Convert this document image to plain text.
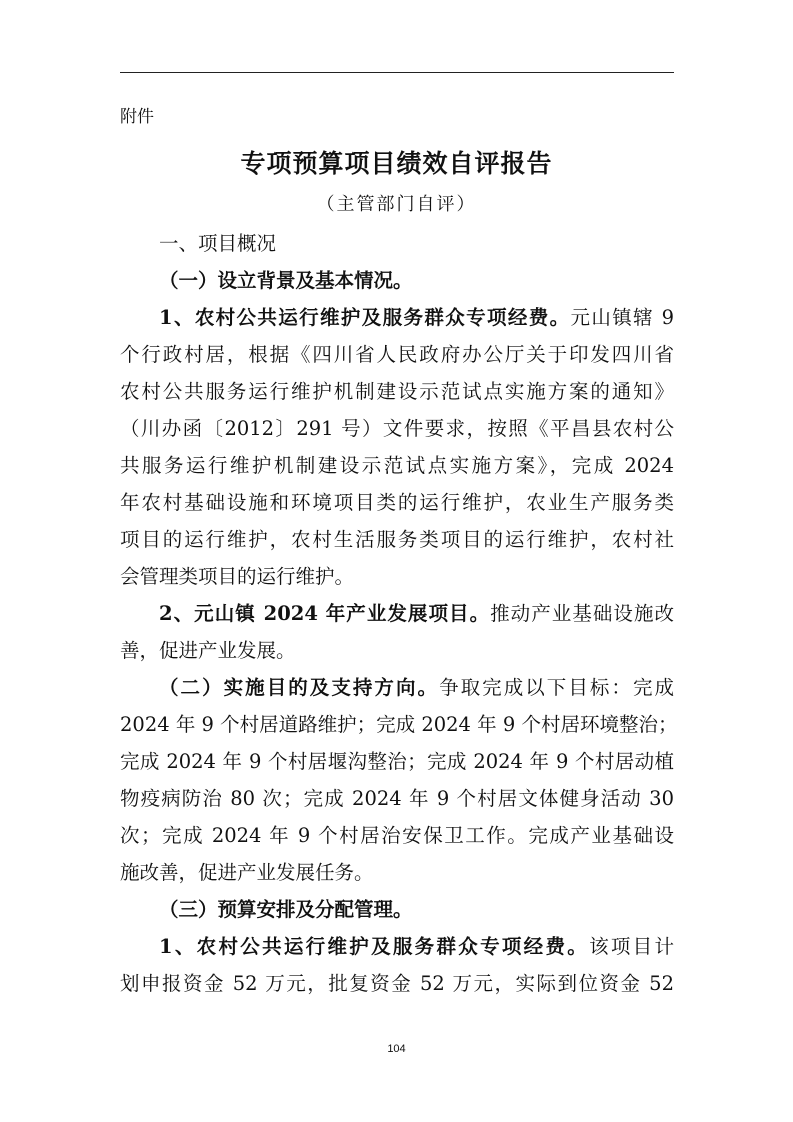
附件
专项预算项目绩效自评报告
（主管部门自评）
一、项目概况
（一）设立背景及基本情况。
1、农村公共运行维护及服务群众专项经费。元山镇辖 9
个行政村居，根据《四川省人民政府办公厅关于印发四川省
农村公共服务运行维护机制建设示范试点实施方案的通知》
（川办函〔2012〕291 号）文件要求，按照《平昌县农村公
共服务运行维护机制建设示范试点实施方案》，完成 2024
年农村基础设施和环境项目类的运行维护，农业生产服务类
项目的运行维护，农村生活服务类项目的运行维护，农村社
会管理类项目的运行维护。
2、元山镇 2024 年产业发展项目。推动产业基础设施改
善，促进产业发展。
（二）实施目的及支持方向。争取完成以下目标：完成
2024 年 9 个村居道路维护；完成 2024 年 9 个村居环境整治；
完成 2024 年 9 个村居堰沟整治；完成 2024 年 9 个村居动植
物疫病防治 80 次；完成 2024 年 9 个村居文体健身活动 30
次；完成 2024 年 9 个村居治安保卫工作。完成产业基础设
施改善，促进产业发展任务。
（三）预算安排及分配管理。
1、农村公共运行维护及服务群众专项经费。该项目计
划申报资金 52 万元，批复资金 52 万元，实际到位资金 52
104
